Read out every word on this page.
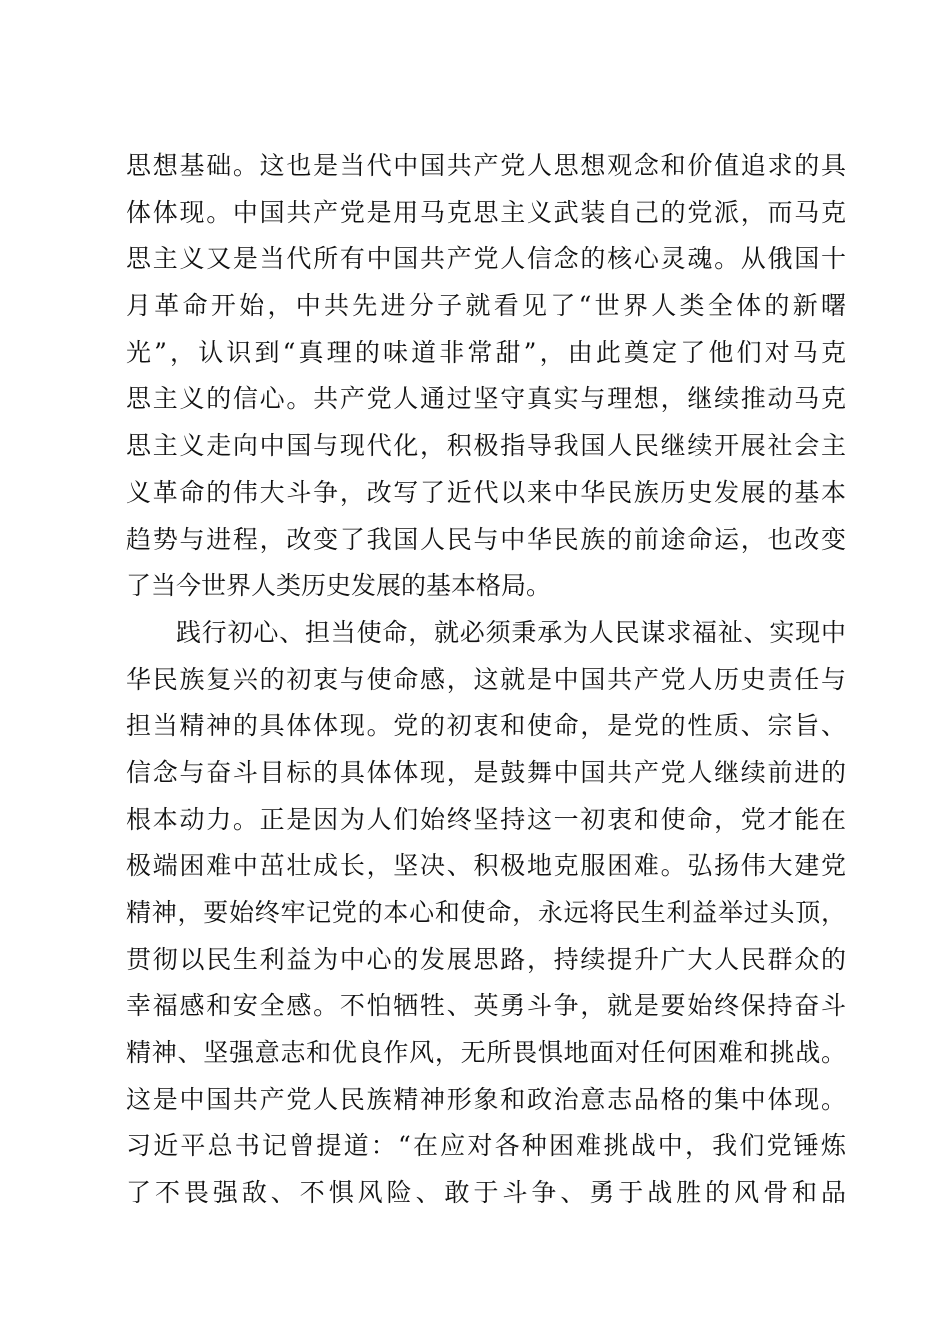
思想基础。这也是当代中国共产党人思想观念和价值追求的具
体体现。中国共产党是用马克思主义武装自己的党派，而马克
思主义又是当代所有中国共产党人信念的核心灵魂。从俄国十
月革命开始，中共先进分子就看见了“世界人类全体的新曙
光”，认识到“真理的味道非常甜”，由此奠定了他们对马克
思主义的信心。共产党人通过坚守真实与理想，继续推动马克
思主义走向中国与现代化，积极指导我国人民继续开展社会主
义革命的伟大斗争，改写了近代以来中华民族历史发展的基本
趋势与进程，改变了我国人民与中华民族的前途命运，也改变
了当今世界人类历史发展的基本格局。
践行初心、担当使命，就必须秉承为人民谋求福祉、实现中
华民族复兴的初衷与使命感，这就是中国共产党人历史责任与
担当精神的具体体现。党的初衷和使命，是党的性质、宗旨、
信念与奋斗目标的具体体现，是鼓舞中国共产党人继续前进的
根本动力。正是因为人们始终坚持这一初衷和使命，党才能在
极端困难中茁壮成长，坚决、积极地克服困难。弘扬伟大建党
精神，要始终牢记党的本心和使命，永远将民生利益举过头顶，
贯彻以民生利益为中心的发展思路，持续提升广大人民群众的
幸福感和安全感。不怕牺牲、英勇斗争，就是要始终保持奋斗
精神、坚强意志和优良作风，无所畏惧地面对任何困难和挑战。
这是中国共产党人民族精神形象和政治意志品格的集中体现。
习近平总书记曾提道：“在应对各种困难挑战中，我们党锤炼
了不畏强敌、不惧风险、敢于斗争、勇于战胜的风骨和品
